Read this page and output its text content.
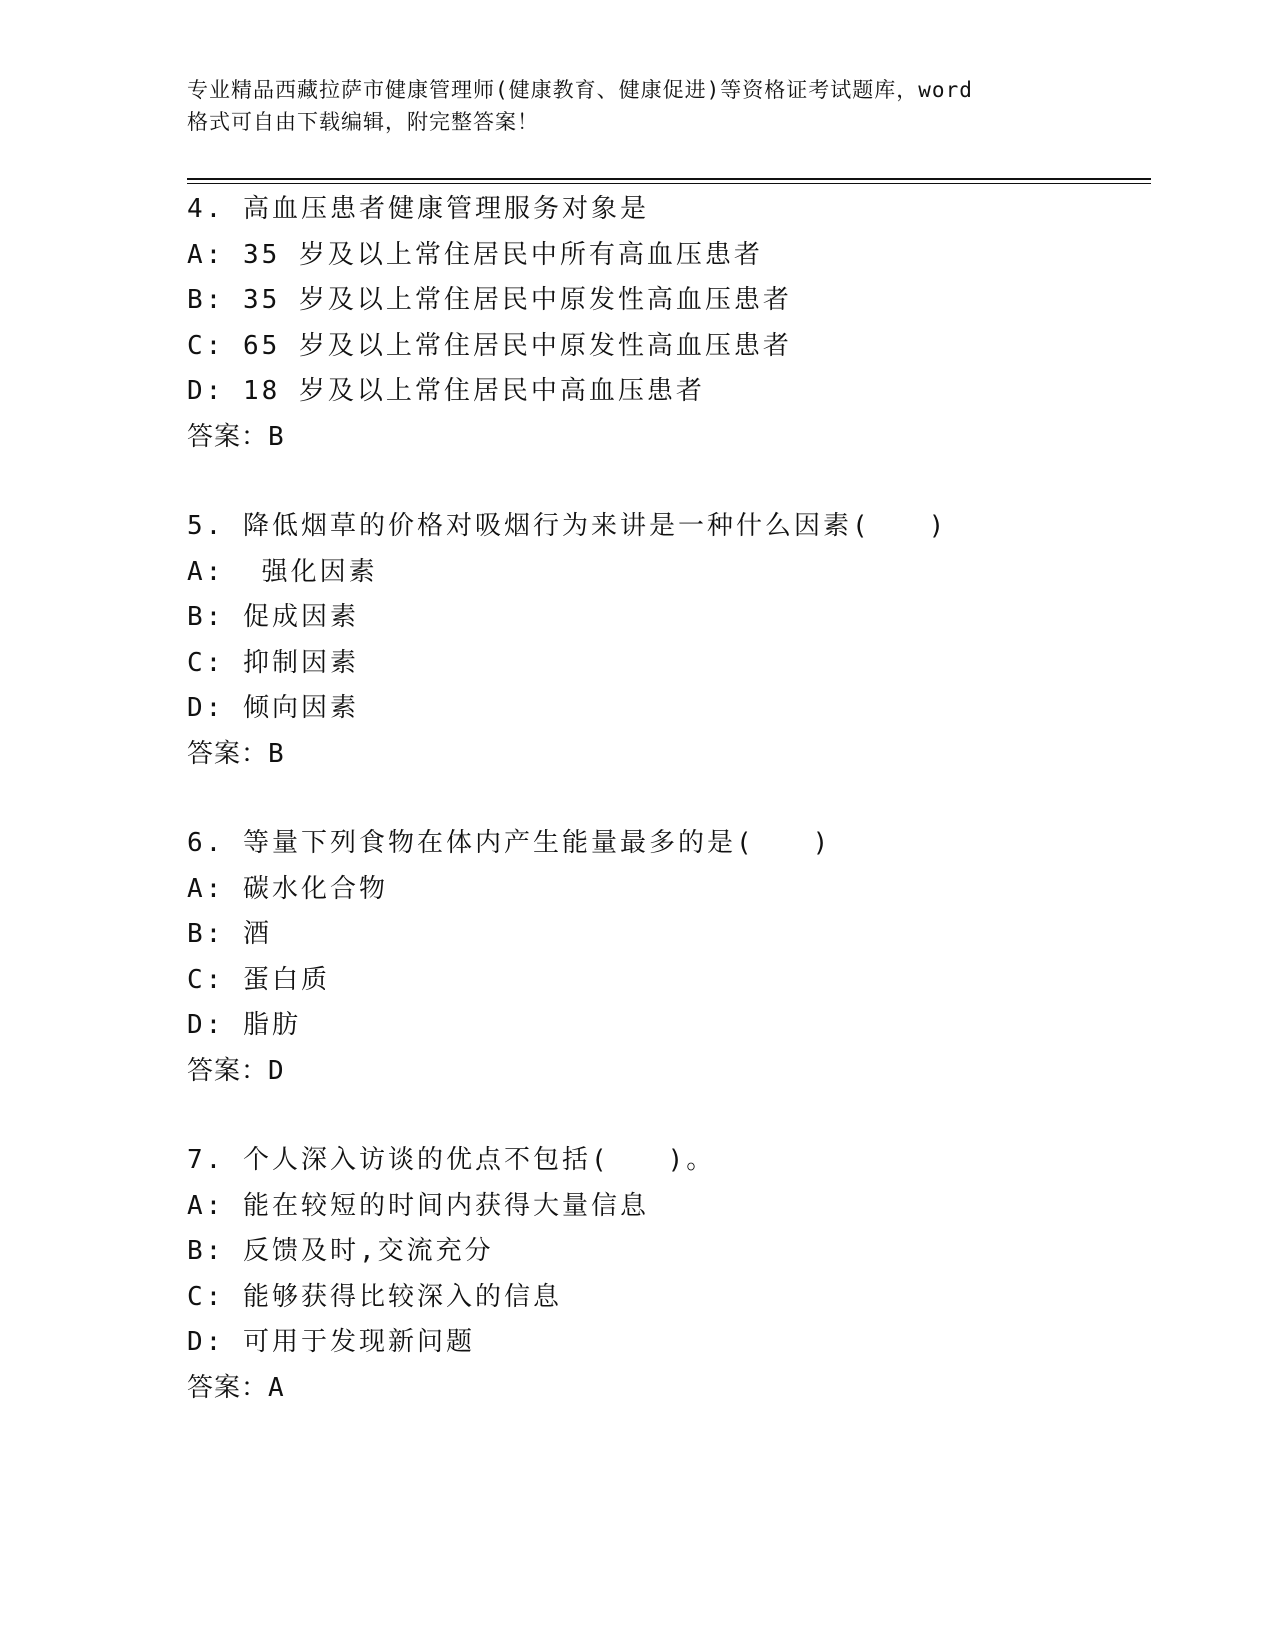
专业精品西藏拉萨市健康管理师(健康教育、健康促进)等资格证考试题库，word
格式可自由下载编辑，附完整答案！
4. 高血压患者健康管理服务对象是
A: 35 岁及以上常住居民中所有高血压患者
B: 35 岁及以上常住居民中原发性高血压患者
C: 65 岁及以上常住居民中原发性高血压患者
D: 18 岁及以上常住居民中高血压患者
答案：B
5. 降低烟草的价格对吸烟行为来讲是一种什么因素(　　)
A:  强化因素
B: 促成因素
C: 抑制因素
D: 倾向因素
答案：B
6. 等量下列食物在体内产生能量最多的是(　　)
A: 碳水化合物
B: 酒
C: 蛋白质
D: 脂肪
答案：D
7. 个人深入访谈的优点不包括(　　)。
A: 能在较短的时间内获得大量信息
B: 反馈及时,交流充分
C: 能够获得比较深入的信息
D: 可用于发现新问题
答案：A
